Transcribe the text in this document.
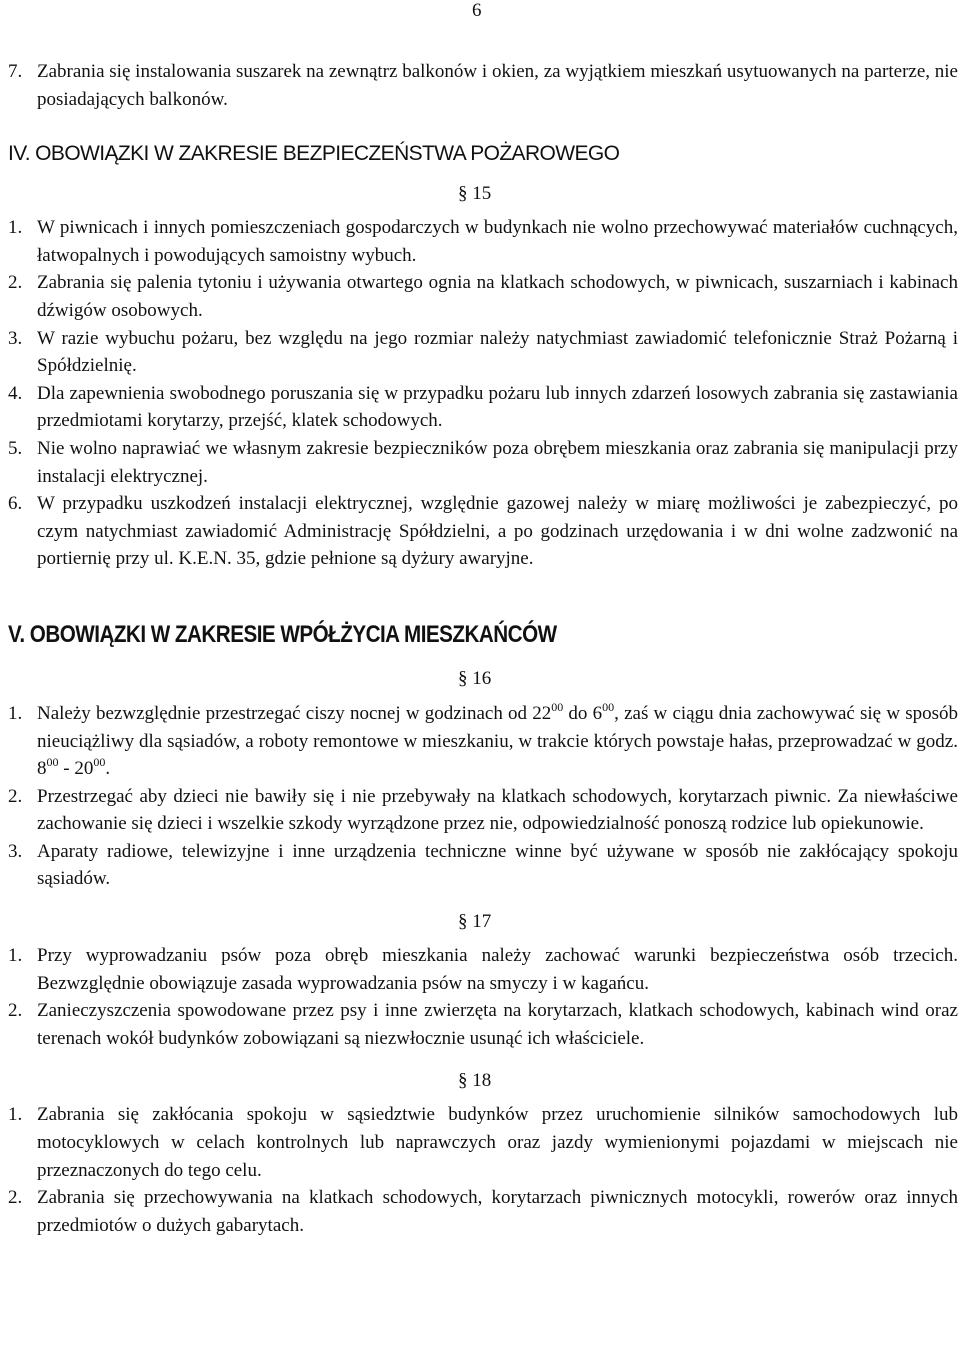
6
7. Zabrania się instalowania suszarek na zewnątrz balkonów i okien, za wyjątkiem mieszkań usytuowanych na parterze, nie posiadających balkonów.
IV. OBOWIĄZKI W ZAKRESIE BEZPIECZEŃSTWA POŻAROWEGO
§ 15
1. W piwnicach i innych pomieszczeniach gospodarczych w budynkach nie wolno przechowywać materiałów cuchnących, łatwopalnych i powodujących samoistny wybuch.
2. Zabrania się palenia tytoniu i używania otwartego ognia na klatkach schodowych, w piwnicach, suszarniach i kabinach dźwigów osobowych.
3. W razie wybuchu pożaru, bez względu na jego rozmiar należy natychmiast zawiadomić telefonicznie Straż Pożarną i Spółdzielnię.
4. Dla zapewnienia swobodnego poruszania się w przypadku pożaru lub innych zdarzeń losowych zabrania się zastawiania przedmiotami korytarzy, przejść, klatek schodowych.
5. Nie wolno naprawiać we własnym zakresie bezpieczników poza obrębem mieszkania oraz zabrania się manipulacji przy instalacji elektrycznej.
6. W przypadku uszkodzeń instalacji elektrycznej, względnie gazowej należy w miarę możliwości je zabezpieczyć, po czym natychmiast zawiadomić Administrację Spółdzielni, a po godzinach urzędowania i w dni wolne zadzwonić na portiernię przy ul. K.E.N. 35, gdzie pełnione są dyżury awaryjne.
V. OBOWIĄZKI W ZAKRESIE WPÓŁŻYCIA MIESZKAŃCÓW
§ 16
1. Należy bezwzględnie przestrzegać ciszy nocnej w godzinach od $22^{00}$ do $6^{00}$, zaś w ciągu dnia zachowywać się w sposób nieuciążliwy dla sąsiadów, a roboty remontowe w mieszkaniu, w trakcie których powstaje hałas, przeprowadzać w godz. $8^{00} - 20^{00}$.
2. Przestrzegać aby dzieci nie bawiły się i nie przebywały na klatkach schodowych, korytarzach piwnic. Za niewłaściwe zachowanie się dzieci i wszelkie szkody wyrządzone przez nie, odpowiedzialność ponoszą rodzice lub opiekunowie.
3. Aparaty radiowe, telewizyjne i inne urządzenia techniczne winne być używane w sposób nie zakłócający spokoju sąsiadów.
§ 17
1. Przy wyprowadzaniu psów poza obręb mieszkania należy zachować warunki bezpieczeństwa osób trzecich. Bezwzględnie obowiązuje zasada wyprowadzania psów na smyczy i w kagańcu.
2. Zanieczyszczenia spowodowane przez psy i inne zwierzęta na korytarzach, klatkach schodowych, kabinach wind oraz terenach wokół budynków zobowiązani są niezwłocznie usunąć ich właściciele.
§ 18
1. Zabrania się zakłócania spokoju w sąsiedztwie budynków przez uruchomienie silników samochodowych lub motocyklowych w celach kontrolnych lub naprawczych oraz jazdy wymienionymi pojazdami w miejscach nie przeznaczonych do tego celu.
2. Zabrania się przechowywania na klatkach schodowych, korytarzach piwnicznych motocykli, rowerów oraz innych przedmiotów o dużych gabarytach.
